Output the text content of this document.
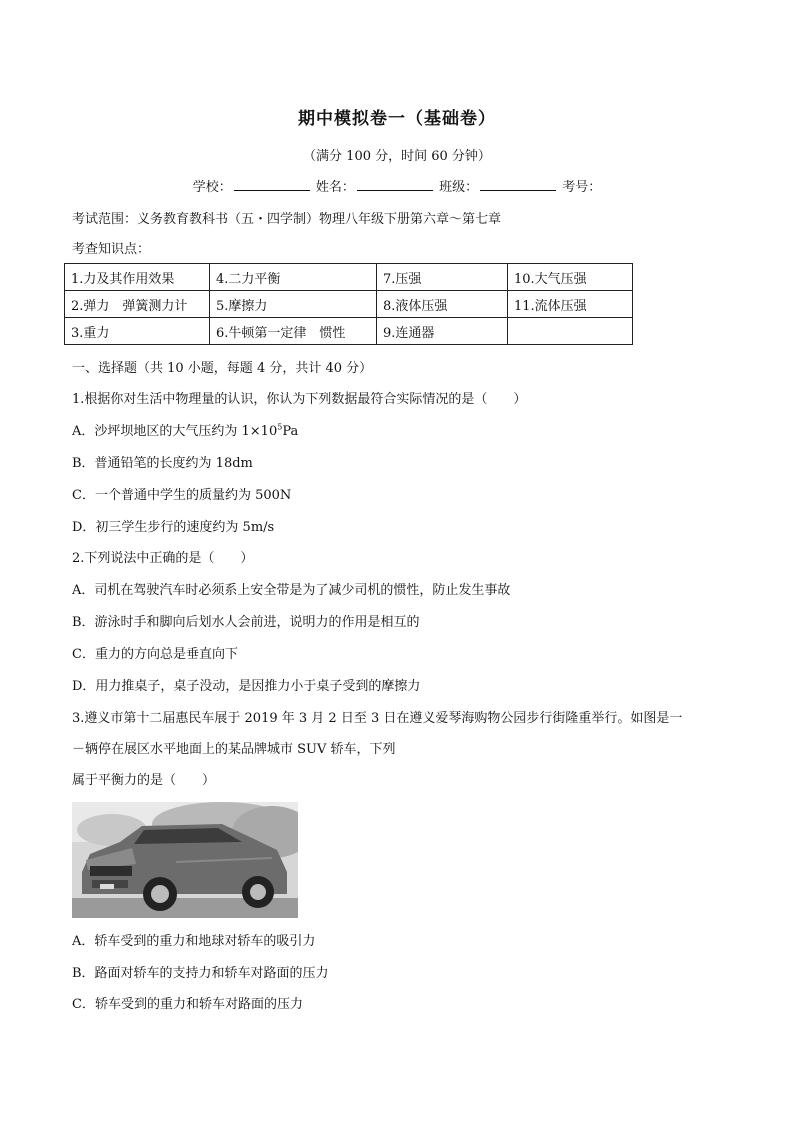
期中模拟卷一（基础卷）
（满分 100 分，时间 60 分钟）
学校：	姓名：	班级：	考号：
考试范围：义务教育教科书（五・四学制）物理八年级下册第六章～第七章
考查知识点：
1.力及其作用效果	4.二力平衡	7.压强	10.大气压强
2.弹力　弹簧测力计	5.摩擦力	8.液体压强	11.流体压强
3.重力	6.牛顿第一定律　惯性	9.连通器	
一、选择题（共 10 小题，每题 4 分，共计 40 分）
1.根据你对生活中物理量的认识，你认为下列数据最符合实际情况的是（　　）
A．沙坪坝地区的大气压约为 $1\times 10^5Pa$
B．普通铅笔的长度约为 18dm
C．一个普通中学生的质量约为 500N
D．初三学生步行的速度约为 5m/s
2.下列说法中正确的是（　　）
A．司机在驾驶汽车时必须系上安全带是为了减少司机的惯性，防止发生事故
B．游泳时手和脚向后划水人会前进，说明力的作用是相互的
C．重力的方向总是垂直向下
D．用力推桌子，桌子没动，是因推力小于桌子受到的摩擦力
3.遵义市第十二届惠民车展于 2019 年 3 月 2 日至 3 日在遵义爱琴海购物公园步行街隆重举行。如图是一
－辆停在展区水平地面上的某品牌城市 SUV 轿车，下列
属于平衡力的是（　　）
A．轿车受到的重力和地球对轿车的吸引力
B．路面对轿车的支持力和轿车对路面的压力
C．轿车受到的重力和轿车对路面的压力
